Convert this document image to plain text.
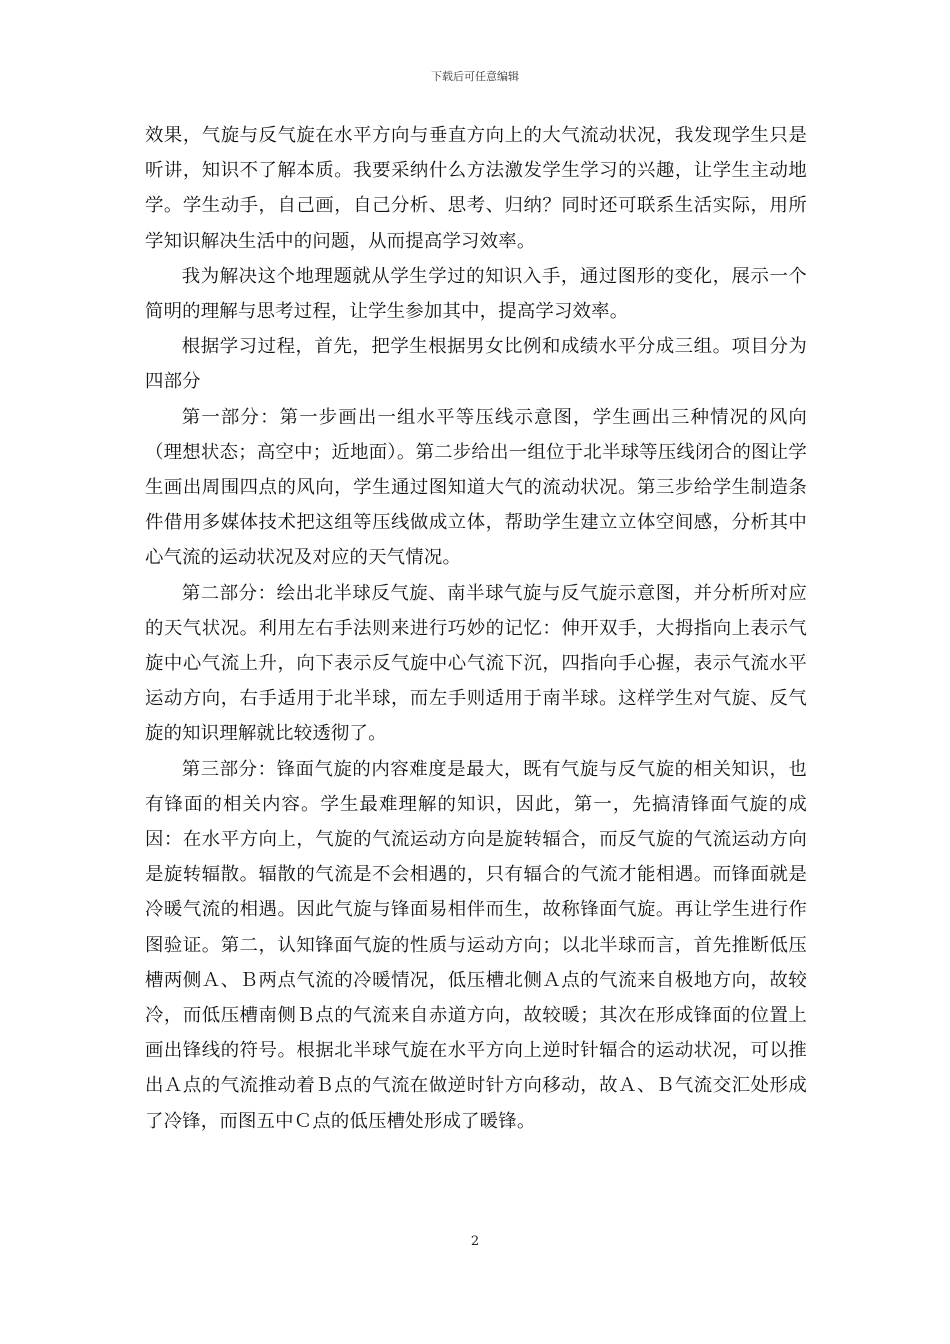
下载后可任意编辑

效果，气旋与反气旋在水平方向与垂直方向上的大气流动状况，我发现学生只是听讲，知识不了解本质。我要采纳什么方法激发学生学习的兴趣，让学生主动地学。学生动手，自己画，自己分析、思考、归纳？同时还可联系生活实际，用所学知识解决生活中的问题，从而提高学习效率。

我为解决这个地理题就从学生学过的知识入手，通过图形的变化，展示一个简明的理解与思考过程，让学生参加其中，提高学习效率。

根据学习过程，首先，把学生根据男女比例和成绩水平分成三组。项目分为四部分

第一部分：第一步画出一组水平等压线示意图，学生画出三种情况的风向（理想状态；高空中；近地面）。第二步给出一组位于北半球等压线闭合的图让学生画出周围四点的风向，学生通过图知道大气的流动状况。第三步给学生制造条件借用多媒体技术把这组等压线做成立体，帮助学生建立立体空间感，分析其中心气流的运动状况及对应的天气情况。

第二部分：绘出北半球反气旋、南半球气旋与反气旋示意图，并分析所对应的天气状况。利用左右手法则来进行巧妙的记忆：伸开双手，大拇指向上表示气旋中心气流上升，向下表示反气旋中心气流下沉，四指向手心握，表示气流水平运动方向，右手适用于北半球，而左手则适用于南半球。这样学生对气旋、反气旋的知识理解就比较透彻了。

第三部分：锋面气旋的内容难度是最大，既有气旋与反气旋的相关知识，也有锋面的相关内容。学生最难理解的知识，因此，第一，先搞清锋面气旋的成因：在水平方向上，气旋的气流运动方向是旋转辐合，而反气旋的气流运动方向是旋转辐散。辐散的气流是不会相遇的，只有辐合的气流才能相遇。而锋面就是冷暖气流的相遇。因此气旋与锋面易相伴而生，故称锋面气旋。再让学生进行作图验证。第二，认知锋面气旋的性质与运动方向；以北半球而言，首先推断低压槽两侧Ａ、Ｂ两点气流的冷暖情况，低压槽北侧Ａ点的气流来自极地方向，故较冷，而低压槽南侧Ｂ点的气流来自赤道方向，故较暖；其次在形成锋面的位置上画出锋线的符号。根据北半球气旋在水平方向上逆时针辐合的运动状况，可以推出Ａ点的气流推动着Ｂ点的气流在做逆时针方向移动，故Ａ、Ｂ气流交汇处形成了冷锋，而图五中Ｃ点的低压槽处形成了暖锋。

2
